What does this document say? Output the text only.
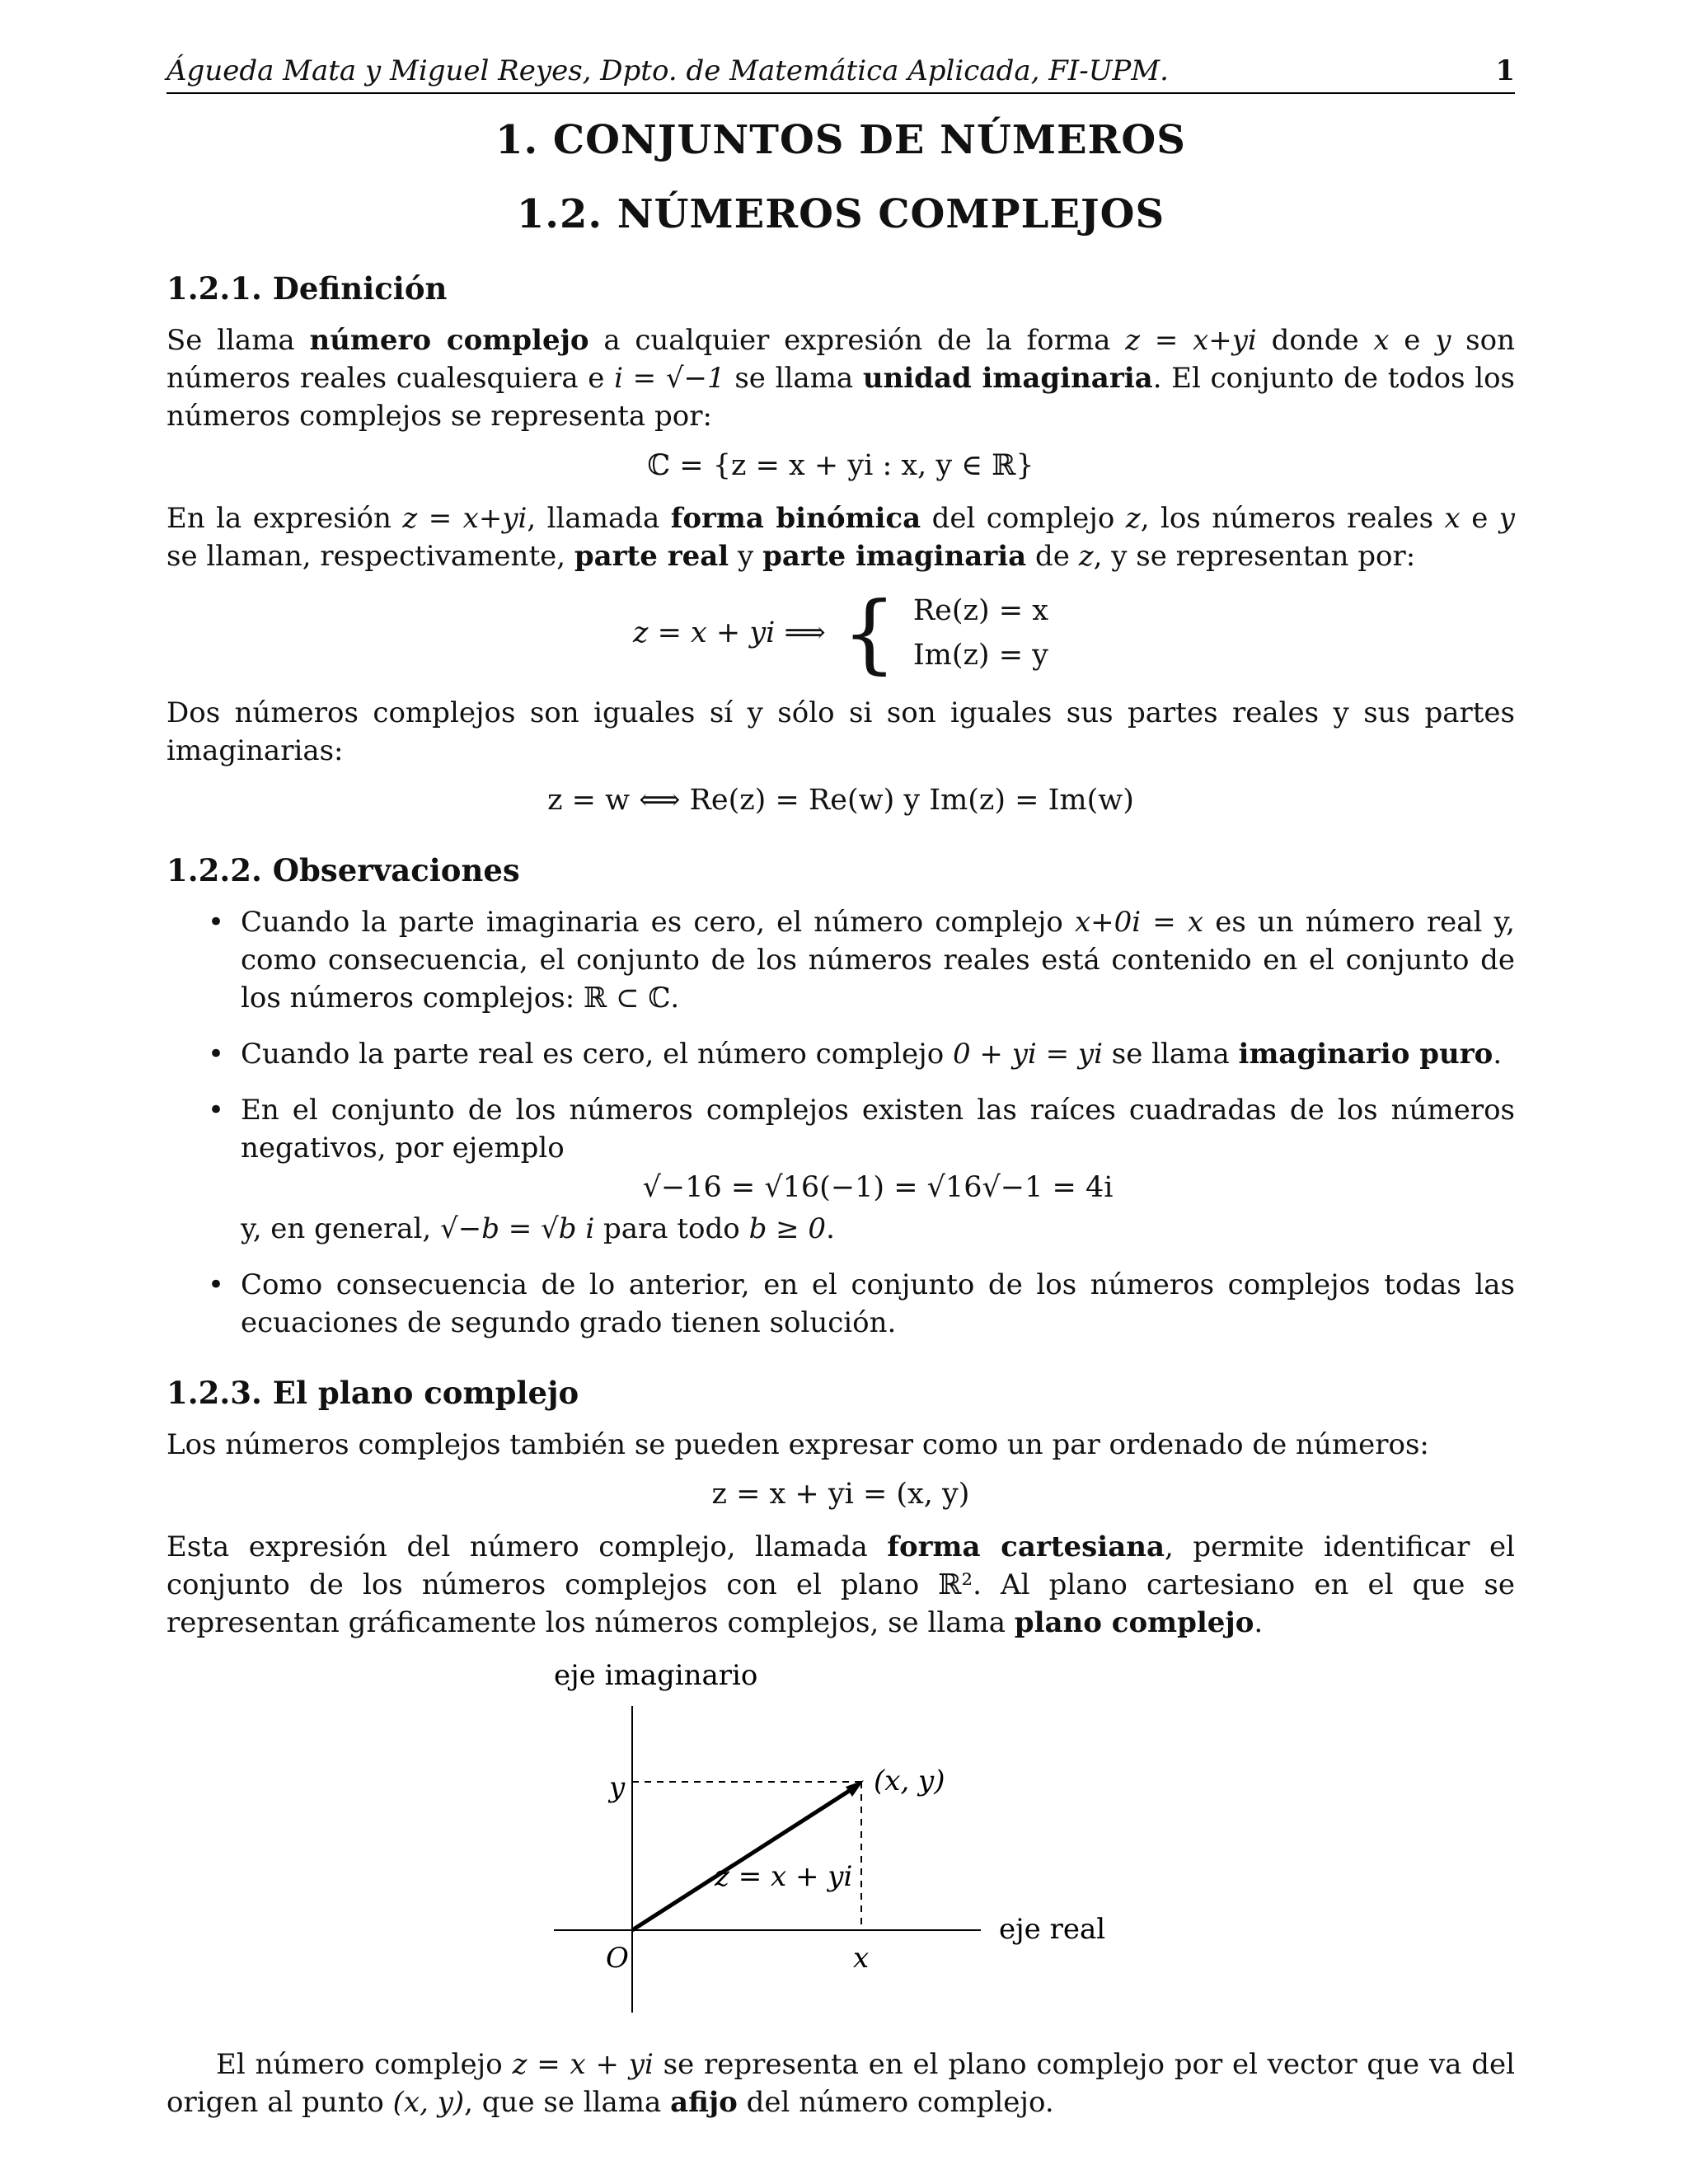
Águeda Mata y Miguel Reyes, Dpto. de Matemática Aplicada, FI-UPM.	1
1. CONJUNTOS DE NÚMEROS
1.2. NÚMEROS COMPLEJOS
1.2.1. Definición

Se llama número complejo a cualquier expresión de la forma z = x+yi donde x e y son números reales cualesquiera e i = √−1 se llama unidad imaginaria. El conjunto de todos los números complejos se representa por:

ℂ = {z = x + yi : x, y ∈ ℝ}

En la expresión z = x+yi, llamada forma binómica del complejo z, los números reales x e y se llaman, respectivamente, parte real y parte imaginaria de z, y se representan por:

z = x + yi ⟹ { Re(z) = x
Im(z) = y

Dos números complejos son iguales sí y sólo si son iguales sus partes reales y sus partes imaginarias:

z = w ⟺ Re(z) = Re(w) y Im(z) = Im(w)
1.2.2. Observaciones
• Cuando la parte imaginaria es cero, el número complejo x+0i = x es un número real y, como consecuencia, el conjunto de los números reales está contenido en el conjunto de los números complejos: ℝ ⊂ ℂ.
• Cuando la parte real es cero, el número complejo 0 + yi = yi se llama imaginario puro.
• En el conjunto de los números complejos existen las raíces cuadradas de los números negativos, por ejemplo
√−16 = √16(−1) = √16√−1 = 4i
y, en general, √−b = √b i para todo b ≥ 0.
• Como consecuencia de lo anterior, en el conjunto de los números complejos todas las ecuaciones de segundo grado tienen solución.
1.2.3. El plano complejo

Los números complejos también se pueden expresar como un par ordenado de números:

z = x + yi = (x, y)

Esta expresión del número complejo, llamada forma cartesiana, permite identificar el conjunto de los números complejos con el plano ℝ². Al plano cartesiano en el que se representan gráficamente los números complejos, se llama plano complejo.

eje imaginario
eje real
y
x
O
(x, y)
z = x + yi

El número complejo z = x + yi se representa en el plano complejo por el vector que va del origen al punto (x, y), que se llama afijo del número complejo.
